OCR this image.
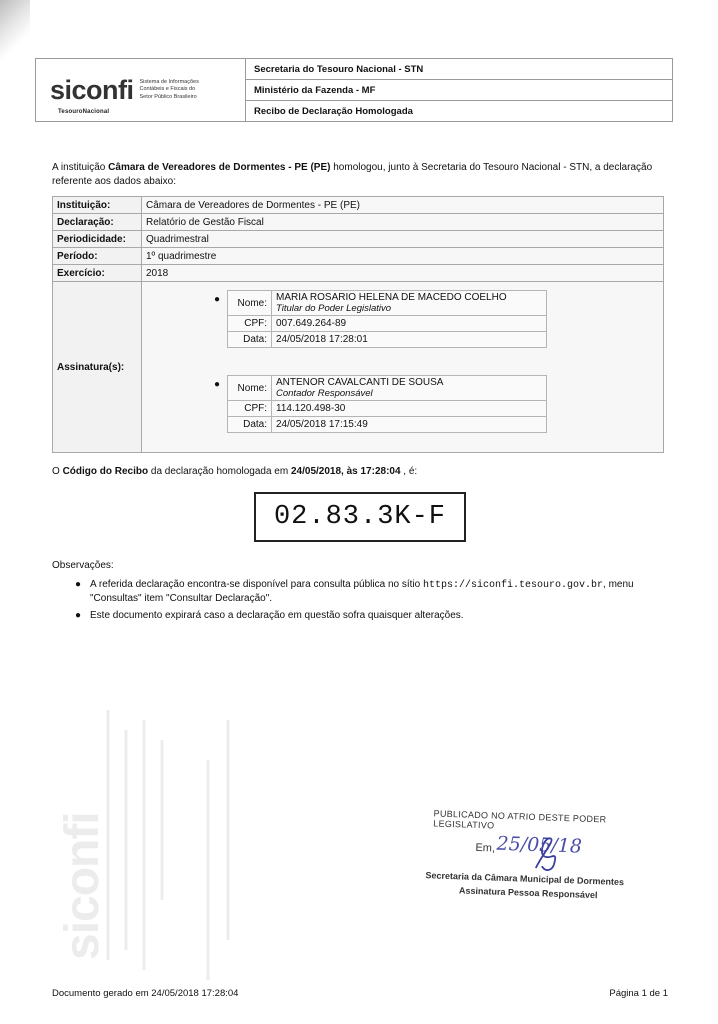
siconfi Sistema de Informações Contábeis e Fiscais do Setor Público Brasileiro
TesouroNacional
Secretaria do Tesouro Nacional - STN
Ministério da Fazenda - MF
Recibo de Declaração Homologada
A instituição Câmara de Vereadores de Dormentes - PE (PE) homologou, junto à Secretaria do Tesouro Nacional - STN, a declaração referente aos dados abaixo:
Instituição:	Câmara de Vereadores de Dormentes - PE (PE)
Declaração:	Relatório de Gestão Fiscal
Periodicidade:	Quadrimestral
Período:	1º quadrimestre
Exercício:	2018
Assinatura(s):	
● Nome:	MARIA ROSARIO HELENA DE MACEDO COELHO
Titular do Poder Legislativo

CPF:	007.649.264-89
Data:	24/05/2018 17:28:01
● Nome:	ANTENOR CAVALCANTI DE SOUSA
Contador Responsável

CPF:	114.120.498-30
Data:	24/05/2018 17:15:49
O Código do Recibo da declaração homologada em 24/05/2018, às 17:28:04 , é:
02.83.3K-F
Observações:
● A referida declaração encontra-se disponível para consulta pública no sítio https://siconfi.tesouro.gov.br, menu "Consultas" item "Consultar Declaração".
● Este documento expirará caso a declaração em questão sofra quaisquer alterações.
siconfi	PUBLICADO NO ATRIO DESTE PODER LEGISLATIVO
Em, 25/05/18
Secretaria da Câmara Municipal de Dormentes
Assinatura Pessoa Responsável
Documento gerado em 24/05/2018 17:28:04	Página 1 de 1
